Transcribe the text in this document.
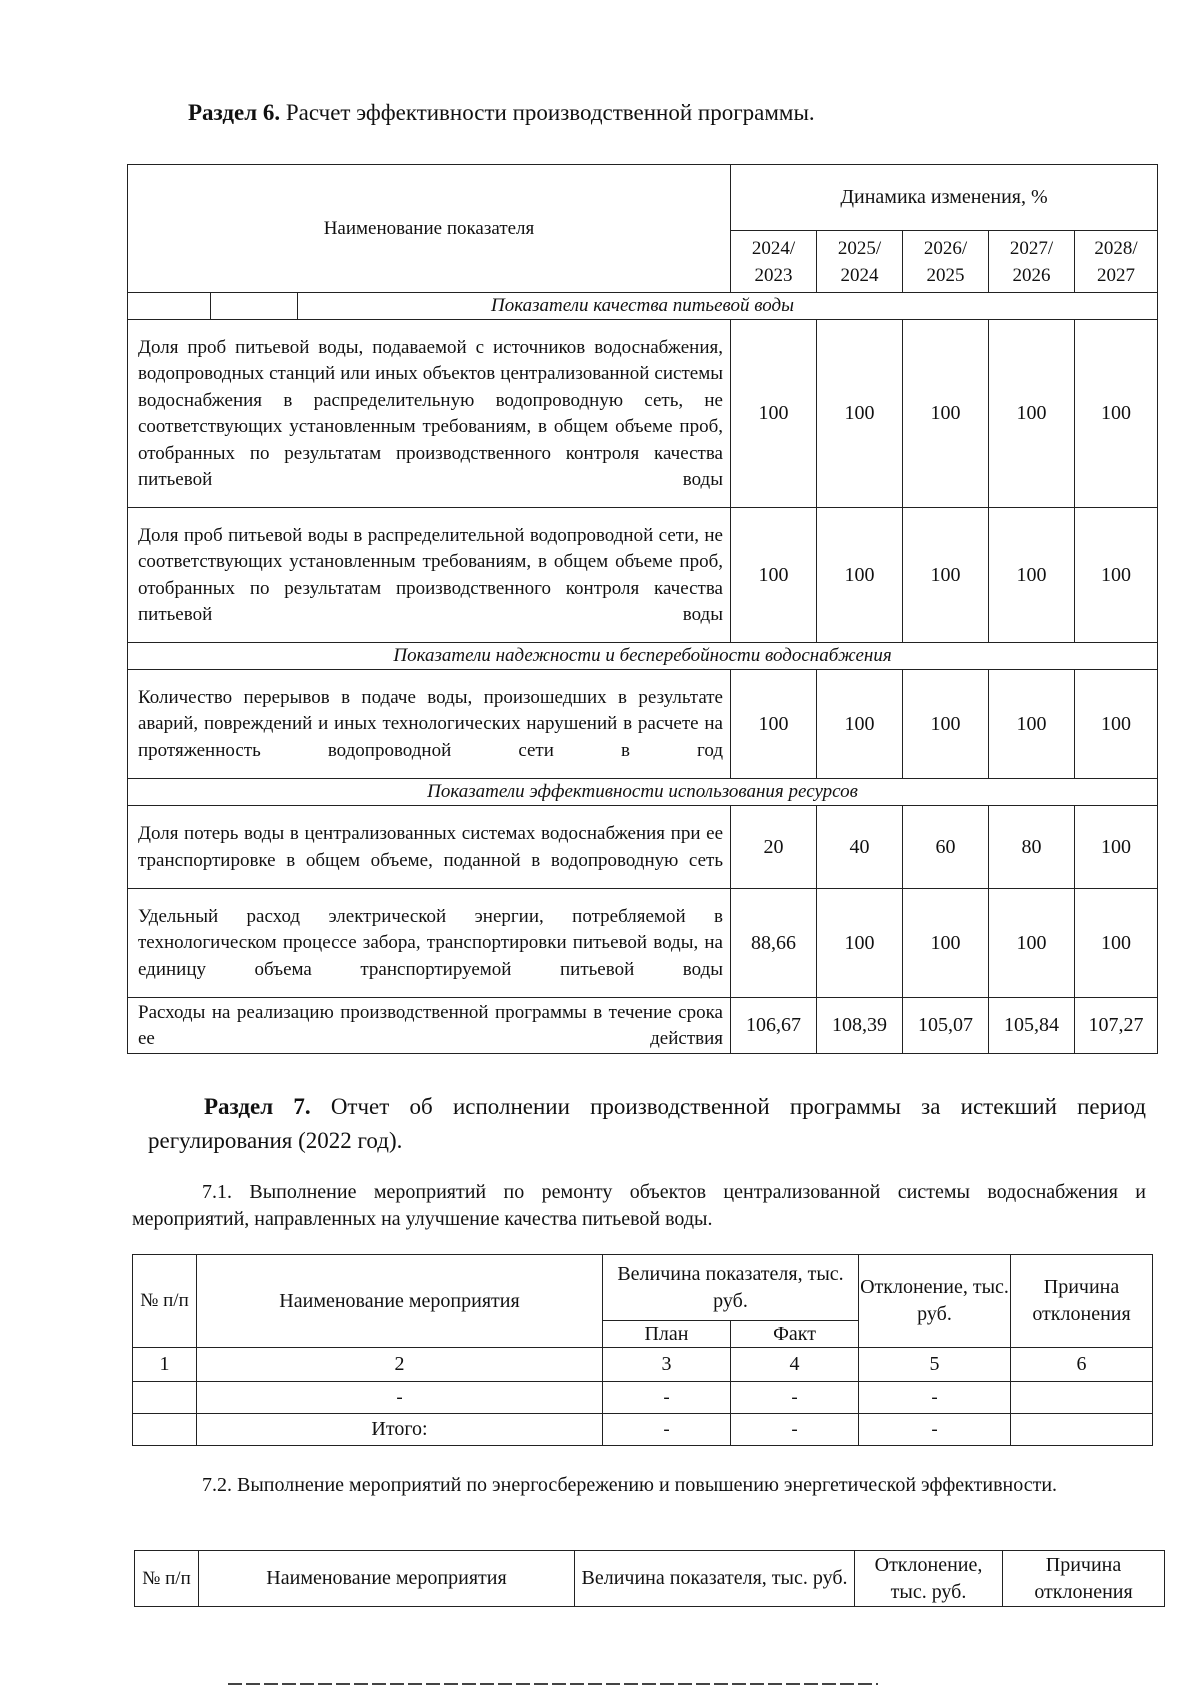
Раздел 6. Расчет эффективности производственной программы.
Наименование показателя	Динамика изменения, %				
	2024/ 2023	2025/ 2024	2026/ 2025	2027/ 2026	2028/ 2027

Показатели качества питьевой воды					
Доля проб питьевой воды, подаваемой с источников водоснабжения, водопроводных станций или иных объектов централизованной системы водоснабжения в распределительную водопроводную сеть, не соответствующих установленным требованиям, в общем объеме проб, отобранных по результатам производственного контроля качества питьевой воды	100	100	100	100	100
Доля проб питьевой воды в распределительной водопроводной сети, не соответствующих установленным требованиям, в общем объеме проб, отобранных по результатам производственного контроля качества питьевой воды	100	100	100	100	100
Показатели надежности и бесперебойности водоснабжения					
Количество перерывов в подаче воды, произошедших в результате аварий, повреждений и иных технологических нарушений в расчете на протяженность водопроводной сети в год	100	100	100	100	100
Показатели эффективности использования ресурсов					
Доля потерь воды в централизованных системах водоснабжения при ее транспортировке в общем объеме, поданной в водопроводную сеть	20	40	60	80	100
Удельный расход электрической энергии, потребляемой в технологическом процессе забора, транспортировки питьевой воды, на единицу объема транспортируемой питьевой воды	88,66	100	100	100	100
Расходы на реализацию производственной программы в течение срока ее действия	106,67	108,39	105,07	105,84	107,27
Раздел 7. Отчет об исполнении производственной программы за истекший период регулирования (2022 год).
7.1. Выполнение мероприятий по ремонту объектов централизованной системы водоснабжения и мероприятий, направленных на улучшение качества питьевой воды.
№ п/п	Наименование мероприятия	Величина показателя, тыс. руб.		Отклонение, тыс. руб.	Причина отклонения
		План	Факт		
1	2	3	4	5	6
	-	-	-	-	
	Итого:	-	-	-	
7.2. Выполнение мероприятий по энергосбережению и повышению энергетической эффективности.
№ п/п	Наименование мероприятия	Величина показателя, тыс. руб.	Отклонение, тыс. руб.	Причина отклонения
